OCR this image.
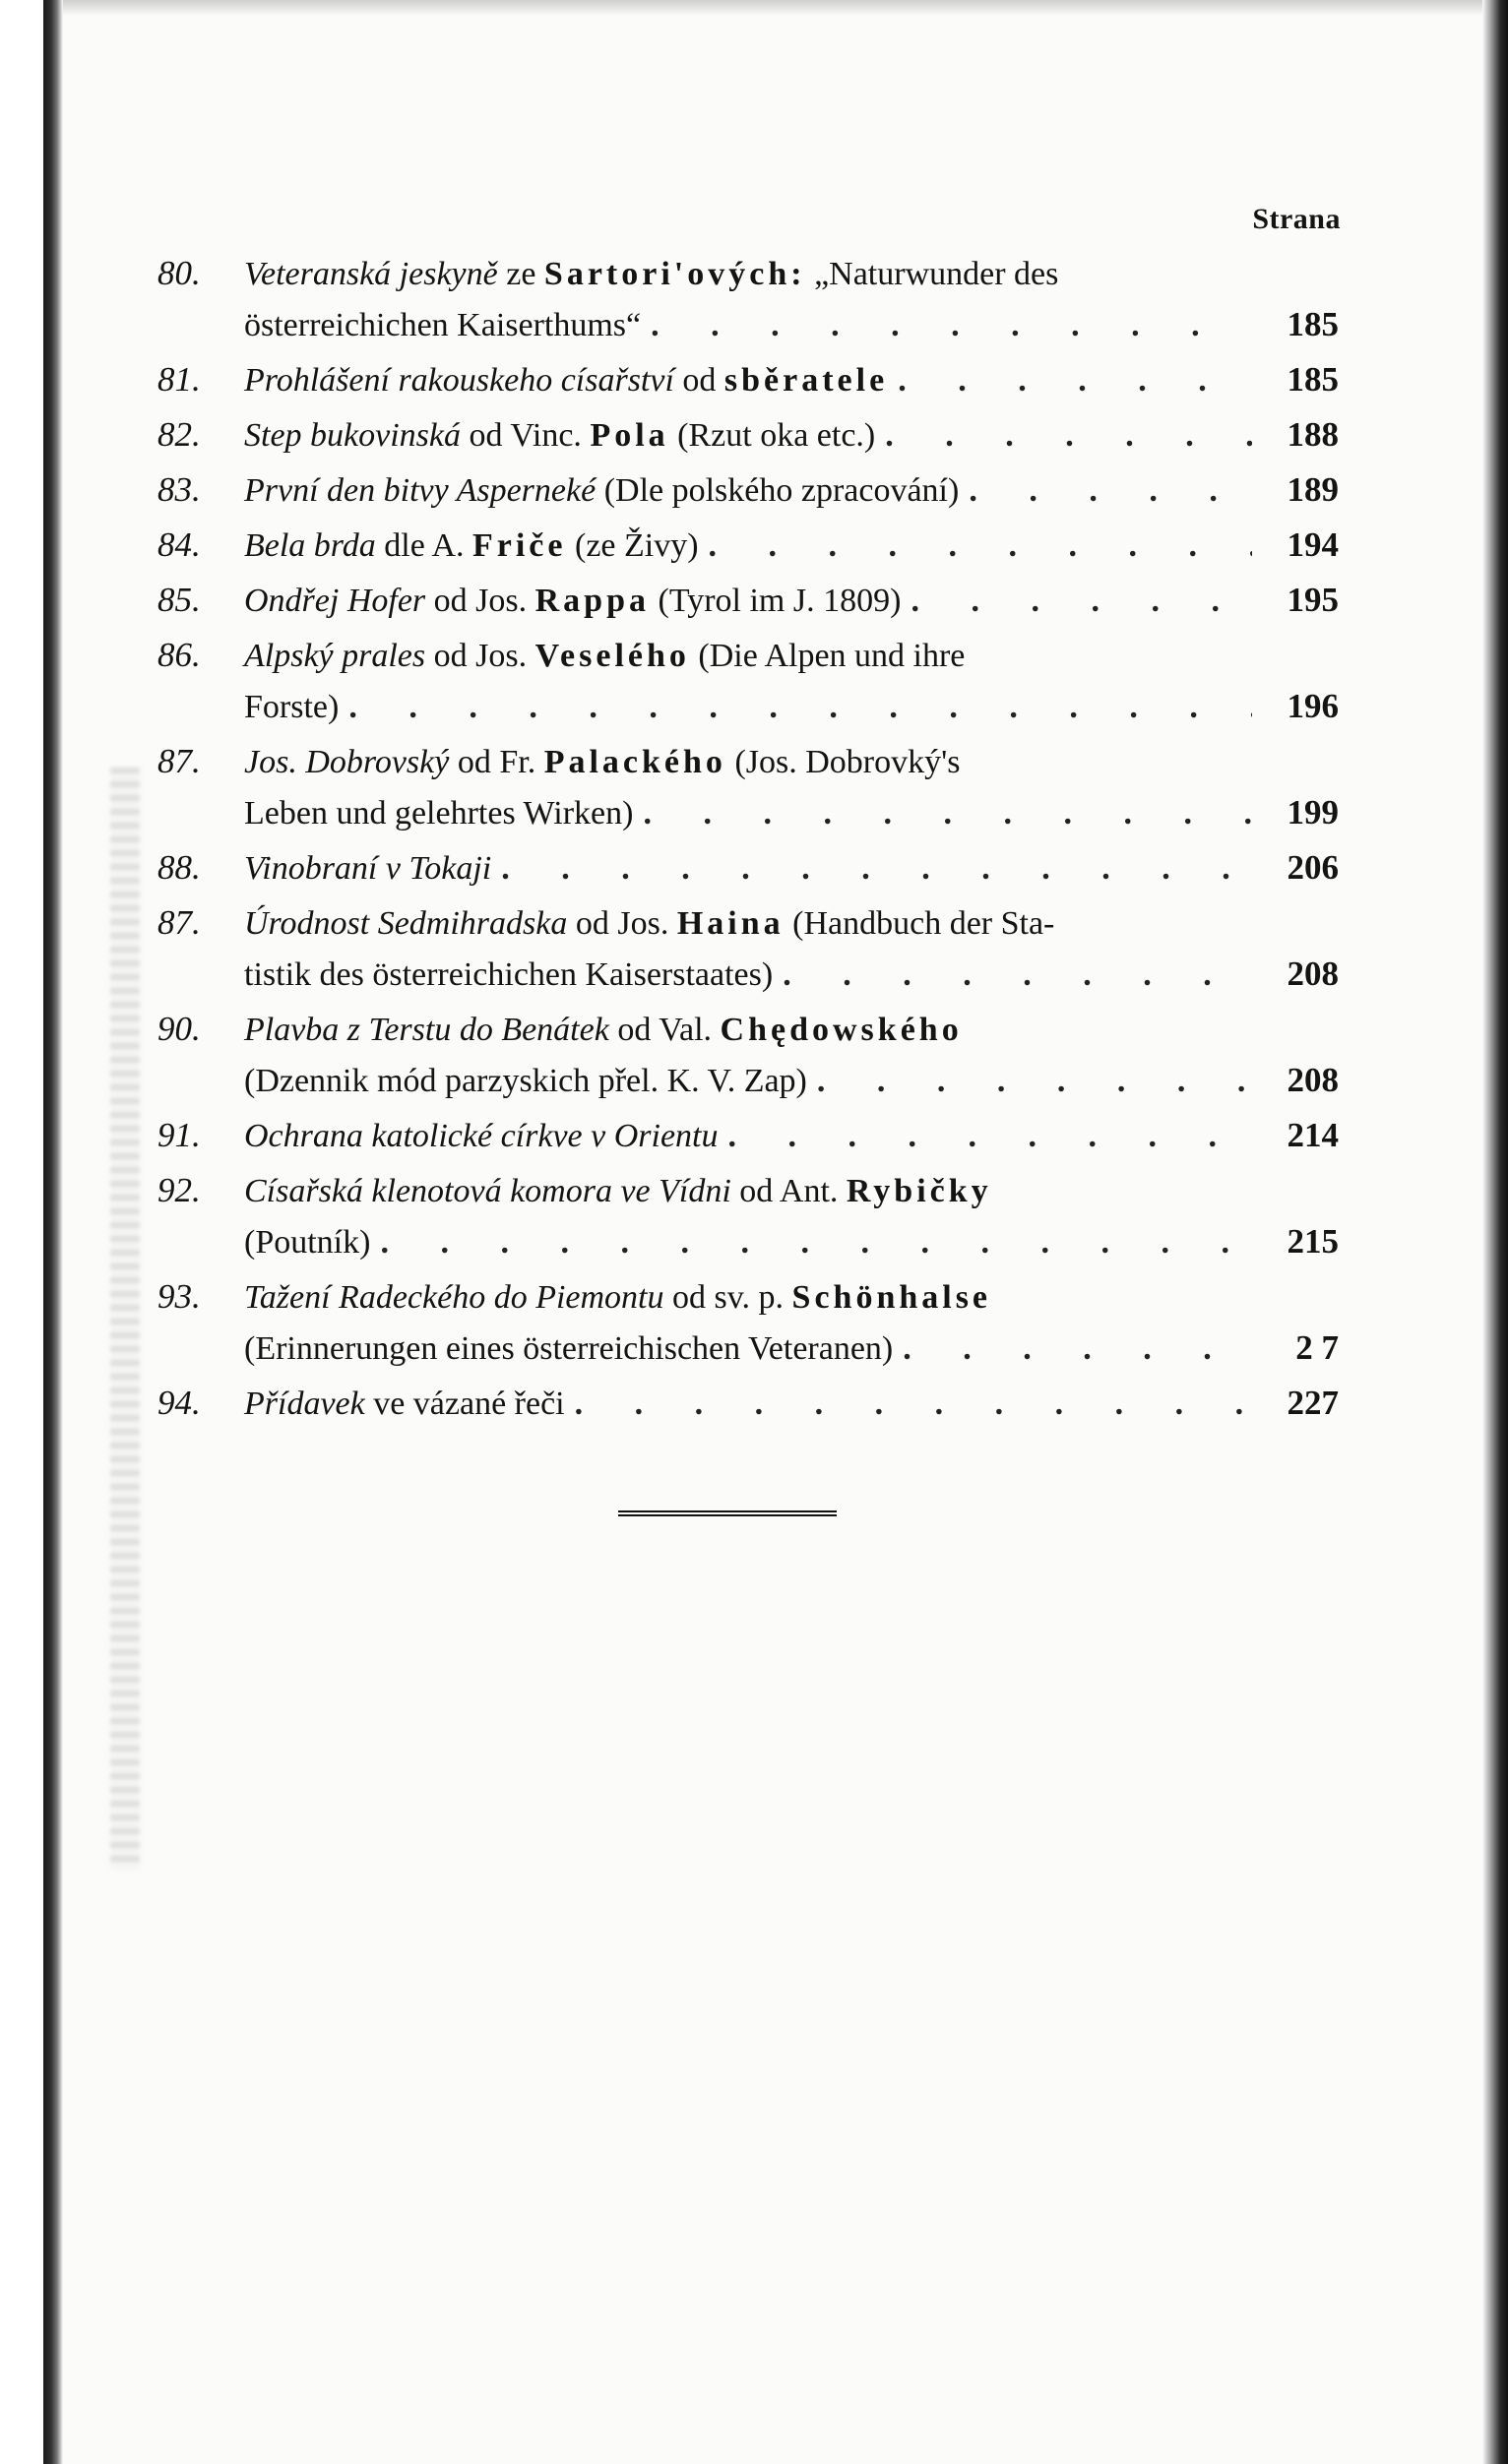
Strana
80.	Veteranská jeskyně ze Sartori'ových: „Naturwunder des
österreichichen Kaiserthums“ . . .	185
81.	Prohlášení rakouskeho císařství od sběratele . . .	185
82.	Step bukovinská od Vinc. Pola (Rzut oka etc.) . . .	188
83.	První den bitvy Asperneké (Dle polského zpracování) . . .	189
84.	Bela brda dle A. Friče (ze Živy) . . .	194
85.	Ondřej Hofer od Jos. Rappa (Tyrol im J. 1809) . . .	195
86.	Alpský prales od Jos. Veselého (Die Alpen und ihre
Forste) . . .	196
87.	Jos. Dobrovský od Fr. Palackého (Jos. Dobrovký's
Leben und gelehrtes Wirken) . . .	199
88.	Vinobraní v Tokaji . . .	206
87.	Úrodnost Sedmihradska od Jos. Haina (Handbuch der Sta-
tistik des österreichichen Kaiserstaates) . . .	208
90.	Plavba z Terstu do Benátek od Val. Chędowského
(Dzennik mód parzyskich přel. K. V. Zap) . . .	208
91.	Ochrana katolické církve v Orientu . . .	214
92.	Císařská klenotová komora ve Vídni od Ant. Rybičky
(Poutník) . . .	215
93.	Tažení Radeckého do Piemontu od sv. p. Schönhalse
(Erinnerungen eines österreichischen Veteranen) . . .	2 7
94.	Přídavek ve vázané řeči . . .	227
